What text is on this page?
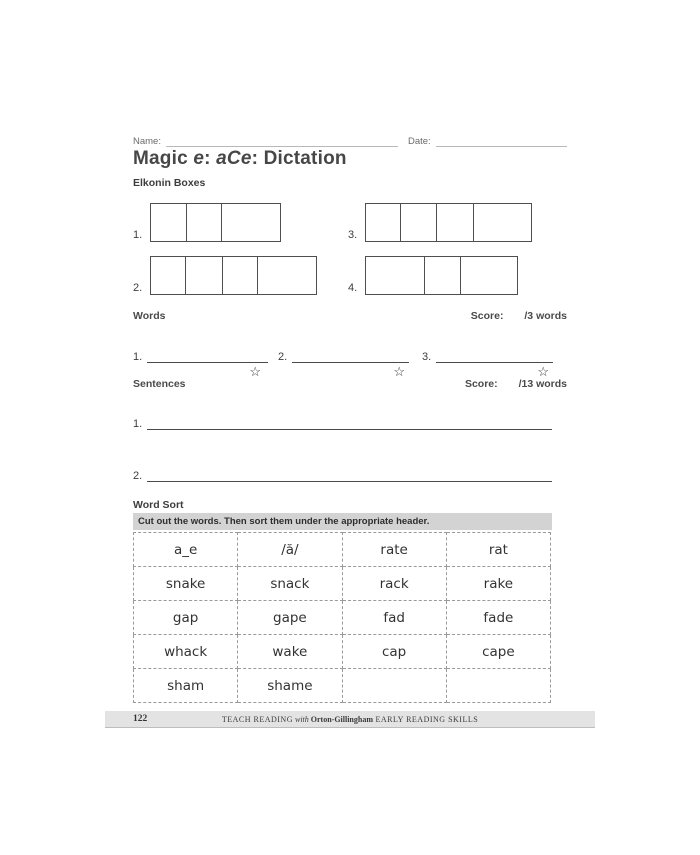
Name:	Date:
Magic e: aCe: Dictation
Elkonin Boxes
1.	3.
2.	4.
Words	Score: /3 words
1.
☆
2.
☆
3.
☆
Sentences	Score: /13 words
1.
2.
Word Sort
Cut out the words. Then sort them under the appropriate header.
a_e	/ă/	rate	rat
snake	snack	rack	rake
gap	gape	fad	fade
whack	wake	cap	cape
sham	shame		
122	TEACH READING with Orton-Gillingham EARLY READING SKILLS
